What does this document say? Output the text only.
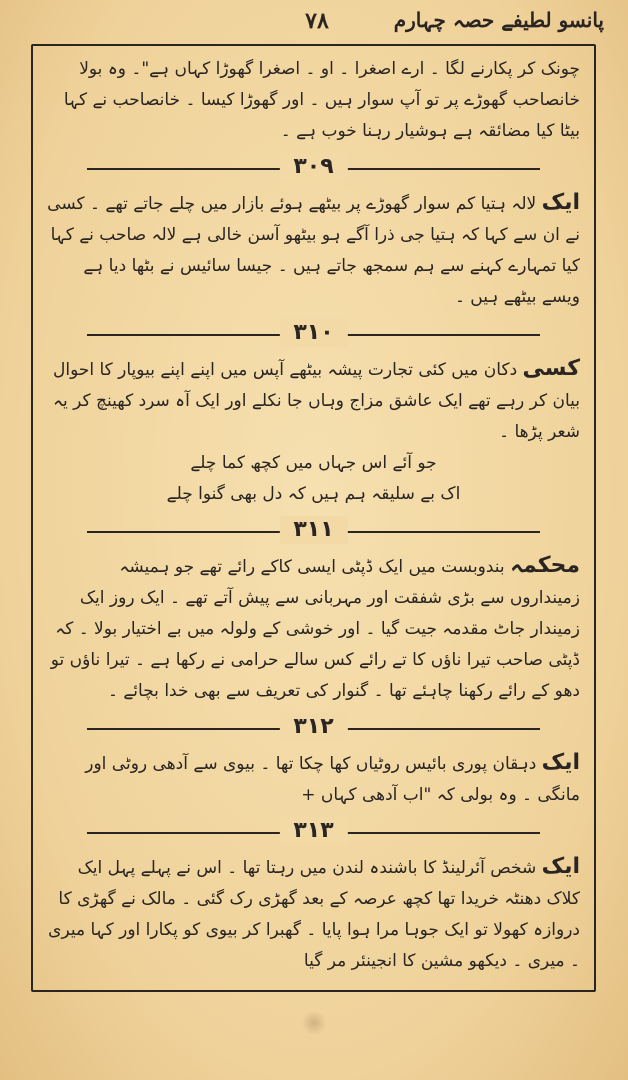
پانسو لطیفے حصہ چہارم
۷۸

چونک کر پکارنے لگا ۔ ارے اصغرا ۔ او ۔ اصغرا گھوڑا کہاں ہے"۔ وہ بولا خانصاحب گھوڑے پر تو آپ سوار ہیں ۔ اور گھوڑا کیسا ۔ خانصاحب نے کہا بیٹا کیا مضائقہ ہے ہوشیار رہنا خوب ہے ۔

۳۰۹

ایک لالہ ہتیا کم سوار گھوڑے پر بیٹھے ہوئے بازار میں چلے جاتے تھے ۔ کسی نے ان سے کہا کہ ہتیا جی ذرا آگے ہو بیٹھو آسن خالی ہے لالہ صاحب نے کہا کیا تمہارے کہنے سے ہم سمجھ جاتے ہیں ۔ جیسا سائیس نے بٹھا دیا ہے ویسے بیٹھے ہیں ۔

۳۱۰

کسی دکان میں کئی تجارت پیشہ بیٹھے آپس میں اپنے اپنے بیوپار کا احوال بیان کر رہے تھے ایک عاشق مزاج وہاں جا نکلے اور ایک آہ سرد کھینچ کر یہ شعر پڑھا ۔

جو آئے اس جہاں میں کچھ کما چلے

اک بے سلیقہ ہم ہیں کہ دل بھی گنوا چلے

۳۱۱

محکمہ بندوبست میں ایک ڈپٹی ایسی کاکے رائے تھے جو ہمیشہ زمینداروں سے بڑی شفقت اور مہربانی سے پیش آتے تھے ۔ ایک روز ایک زمیندار جاٹ مقدمہ جیت گیا ۔ اور خوشی کے ولولہ میں بے اختیار بولا ۔ کہ ڈپٹی صاحب تیرا ناؤں کا تے رائے کس سالے حرامی نے رکھا ہے ۔ تیرا ناؤں تو دھو کے رائے رکھنا چاہئے تھا ۔ گنوار کی تعریف سے بھی خدا بچائے ۔

۳۱۲

ایک دہقان پوری بائیس روٹیاں کھا چکا تھا ۔ بیوی سے آدھی روٹی اور مانگی ۔ وہ بولی کہ "اب آدھی کہاں +

۳۱۳

ایک شخص آئرلینڈ کا باشندہ لندن میں رہتا تھا ۔ اس نے پہلے پہل ایک کلاک دھنٹہ خریدا تھا کچھ عرصہ کے بعد گھڑی رک گئی ۔ مالک نے گھڑی کا دروازہ کھولا تو ایک جوہا مرا ہوا پایا ۔ گھبرا کر بیوی کو پکارا اور کہا میری ۔ میری ۔ دیکھو مشین کا انجینئر مر گیا
